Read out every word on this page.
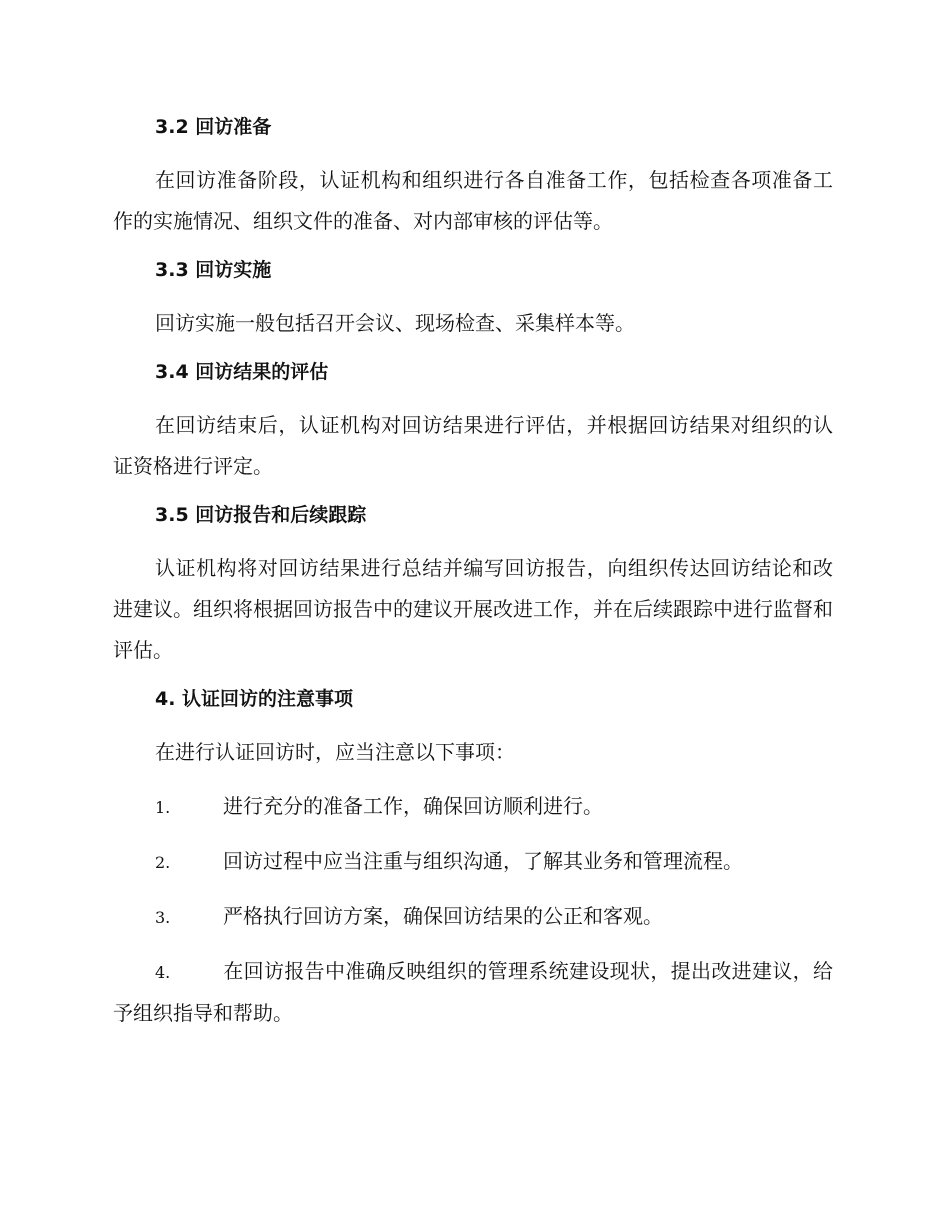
3.2 回访准备

在回访准备阶段，认证机构和组织进行各自准备工作，包括检查各项准备工作的实施情况、组织文件的准备、对内部审核的评估等。

3.3 回访实施

回访实施一般包括召开会议、现场检查、采集样本等。

3.4 回访结果的评估

在回访结束后，认证机构对回访结果进行评估，并根据回访结果对组织的认证资格进行评定。

3.5 回访报告和后续跟踪

认证机构将对回访结果进行总结并编写回访报告，向组织传达回访结论和改进建议。组织将根据回访报告中的建议开展改进工作，并在后续跟踪中进行监督和评估。

4. 认证回访的注意事项

在进行认证回访时，应当注意以下事项：

1.	进行充分的准备工作，确保回访顺利进行。

2.	回访过程中应当注重与组织沟通，了解其业务和管理流程。

3.	严格执行回访方案，确保回访结果的公正和客观。

4.	在回访报告中准确反映组织的管理系统建设现状，提出改进建议，给予组织指导和帮助。
